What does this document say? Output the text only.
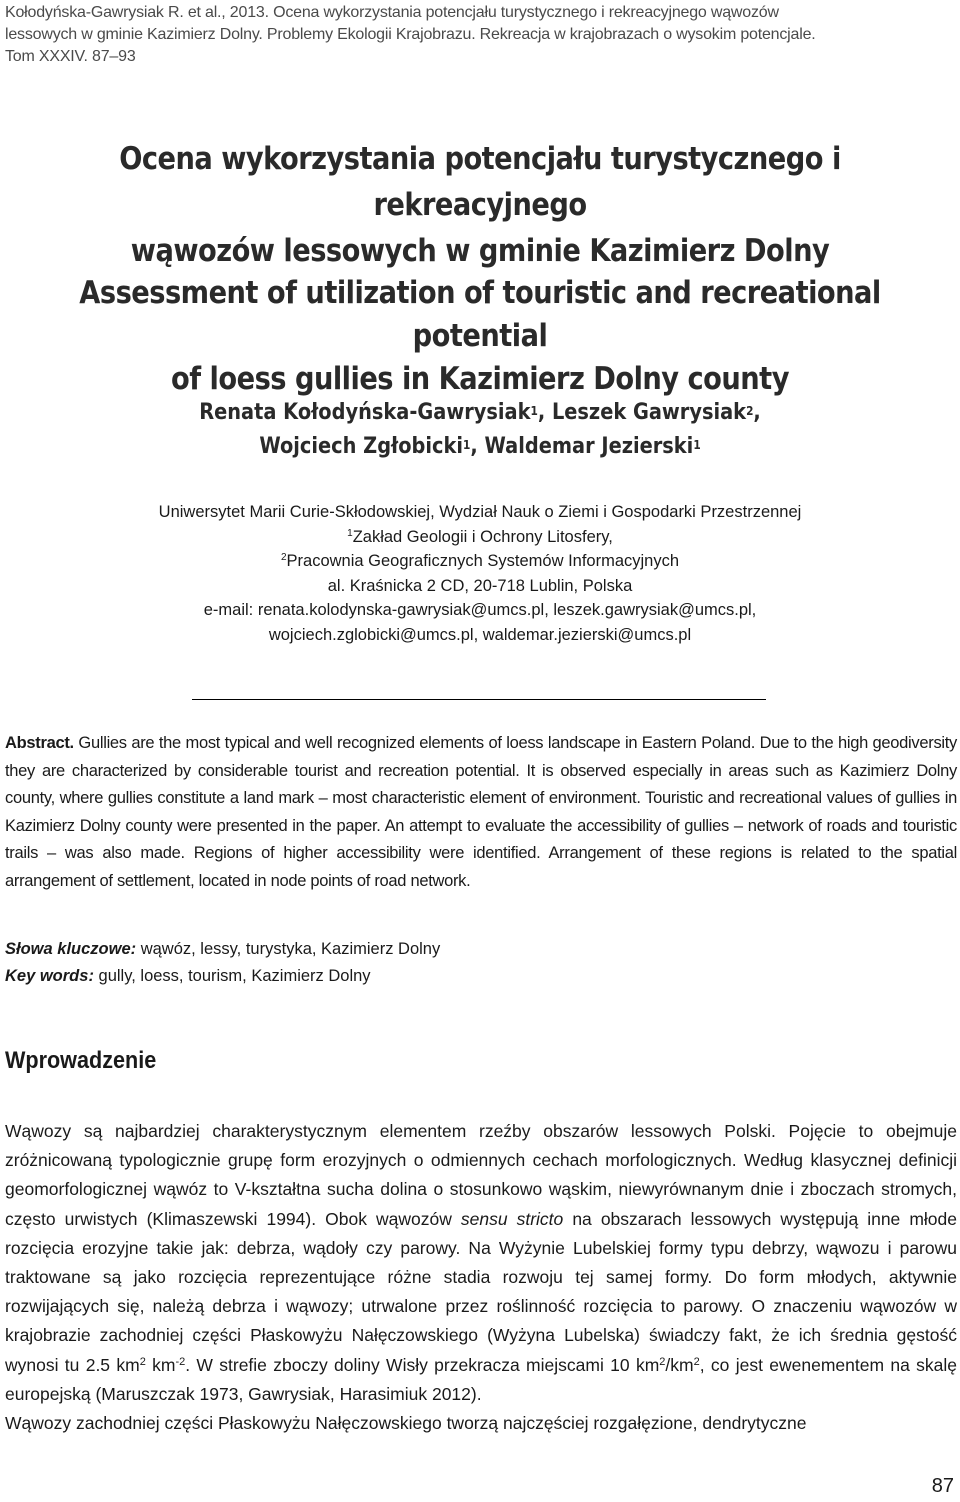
Kołodyńska-Gawrysiak R. et al., 2013. Ocena wykorzystania potencjału turystycznego i rekreacyjnego wąwozów
lessowych w gminie Kazimierz Dolny. Problemy Ekologii Krajobrazu. Rekreacja w krajobrazach o wysokim potencjale.
Tom XXXIV. 87–93
Ocena wykorzystania potencjału turystycznego i rekreacyjnego
wąwozów lessowych w gminie Kazimierz Dolny
Assessment of utilization of touristic and recreational potential
of loess gullies in Kazimierz Dolny county
Renata Kołodyńska-Gawrysiak$^1$, Leszek Gawrysiak$^2$,
Wojciech Zgłobicki$^1$, Waldemar Jezierski$^1$
Uniwersytet Marii Curie-Skłodowskiej, Wydział Nauk o Ziemi i Gospodarki Przestrzennej
$^1$Zakład Geologii i Ochrony Litosfery,
$^2$Pracownia Geograficznych Systemów Informacyjnych
al. Kraśnicka 2 CD, 20-718 Lublin, Polska
e-mail: renata.kolodynska-gawrysiak@umcs.pl, leszek.gawrysiak@umcs.pl,
wojciech.zglobicki@umcs.pl, waldemar.jezierski@umcs.pl
Abstract. Gullies are the most typical and well recognized elements of loess landscape in Eastern Poland. Due to the high geodiversity they are characterized by considerable tourist and recreation potential. It is observed especially in areas such as Kazimierz Dolny county, where gullies constitute a land mark – most characteristic element of environment. Touristic and recreational values of gullies in Kazimierz Dolny county were presented in the paper. An attempt to evaluate the accessibility of gullies – network of roads and touristic trails – was also made. Regions of higher accessibility were identified. Arrangement of these regions is related to the spatial arrangement of settlement, located in node points of road network.
Słowa kluczowe: wąwóz, lessy, turystyka, Kazimierz Dolny
Key words: gully, loess, tourism, Kazimierz Dolny
Wprowadzenie

Wąwozy są najbardziej charakterystycznym elementem rzeźby obszarów lessowych Polski. Pojęcie to obejmuje zróżnicowaną typologicznie grupę form erozyjnych o odmiennych cechach morfologicznych. Według klasycznej definicji geomorfologicznej wąwóz to V-kształtna sucha dolina o stosunkowo wąskim, niewyrównanym dnie i zboczach stromych, często urwistych (Klimaszewski 1994). Obok wąwozów sensu stricto na obszarach lessowych występują inne młode rozcięcia erozyjne takie jak: debrza, wądoły czy parowy. Na Wyżynie Lubelskiej formy typu debrzy, wąwozu i parowu traktowane są jako rozcięcia reprezentujące różne stadia rozwoju tej samej formy. Do form młodych, aktywnie rozwijających się, należą debrza i wąwozy; utrwalone przez roślinność rozcięcia to parowy. O znaczeniu wąwozów w krajobrazie zachodniej części Płaskowyżu Nałęczowskiego (Wyżyna Lubelska) świadczy fakt, że ich średnia gęstość wynosi tu 2.5 $km^2$ $km^{-2}$. W strefie zboczy doliny Wisły przekracza miejscami 10 $km^2/km^2$, co jest ewenementem na skalę europejską (Maruszczak 1973, Gawrysiak, Harasimiuk 2012).

Wąwozy zachodniej części Płaskowyżu Nałęczowskiego tworzą najczęściej rozgałęzione, dendrytyczne

87
